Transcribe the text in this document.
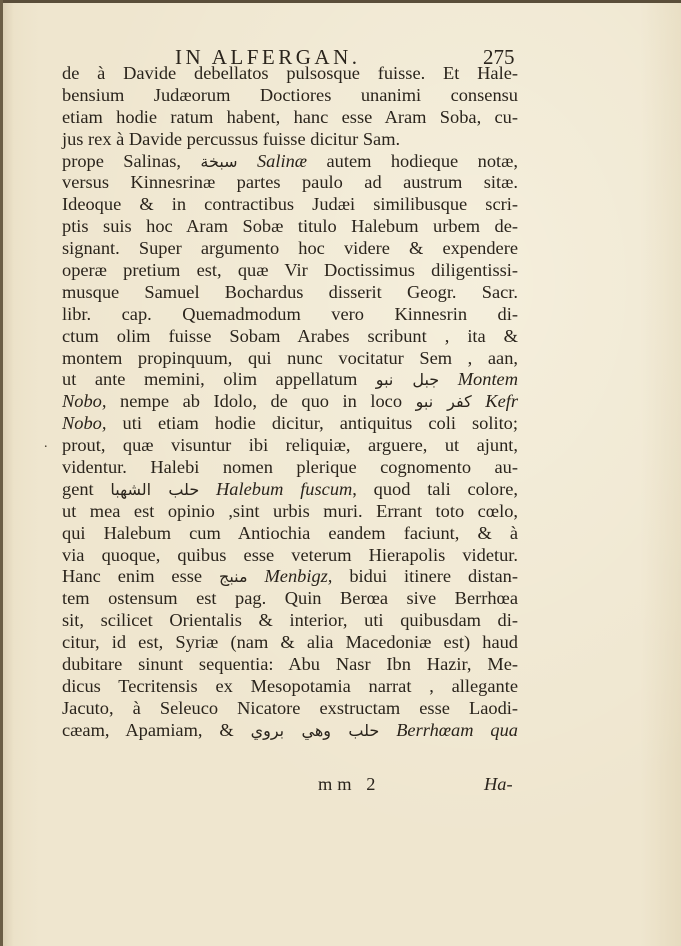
IN ALFERGAN.	275
de à Davide debellatos pulsosque fuisse. Et Hale-
bensium Judæorum Doctiores unanimi consensu
etiam hodie ratum habent, hanc esse Aram Soba, cu-
jus rex à Davide percussus fuisse dicitur Sam.
prope Salinas, سبخة Salinæ autem hodieque notæ,
versus Kinnesrinæ partes paulo ad austrum sitæ.
Ideoque & in contractibus Judæi similibusque scri-
ptis suis hoc Aram Sobæ titulo Halebum urbem de-
signant. Super argumento hoc videre & expendere
operæ pretium est, quæ Vir Doctissimus diligentissi-
musque Samuel Bochardus disserit Geogr. Sacr.
libr. cap. Quemadmodum vero Kinnesrin di-
ctum olim fuisse Sobam Arabes scribunt , ita &
montem propinquum, qui nunc vocitatur Sem , aan,
ut ante memini, olim appellatum جبل نبو Montem
Nobo, nempe ab Idolo, de quo in loco كفر نبو Kefr
Nobo, uti etiam hodie dicitur, antiquitus coli solito;
prout, quæ visuntur ibi reliquiæ, arguere, ut ajunt,
videntur. Halebi nomen plerique cognomento au-
gent حلب الشهبا Halebum fuscum, quod tali colore,
ut mea est opinio ,sint urbis muri. Errant toto cœlo,
qui Halebum cum Antiochia eandem faciunt, & à
via quoque, quibus esse veterum Hierapolis videtur.
Hanc enim esse منبج Menbigz, bidui itinere distan-
tem ostensum est pag. Quin Berœa sive Berrhœa
sit, scilicet Orientalis & interior, uti quibusdam di-
citur, id est, Syriæ (nam & alia Macedoniæ est) haud
dubitare sinunt sequentia: Abu Nasr Ibn Hazir, Me-
dicus Tecritensis ex Mesopotamia narrat , allegante
Jacuto, à Seleuco Nicatore exstructam esse Laodi-
cæam, Apamiam, & حلب وهي بروي Berrhœam qua
.
mm 2	Ha-
